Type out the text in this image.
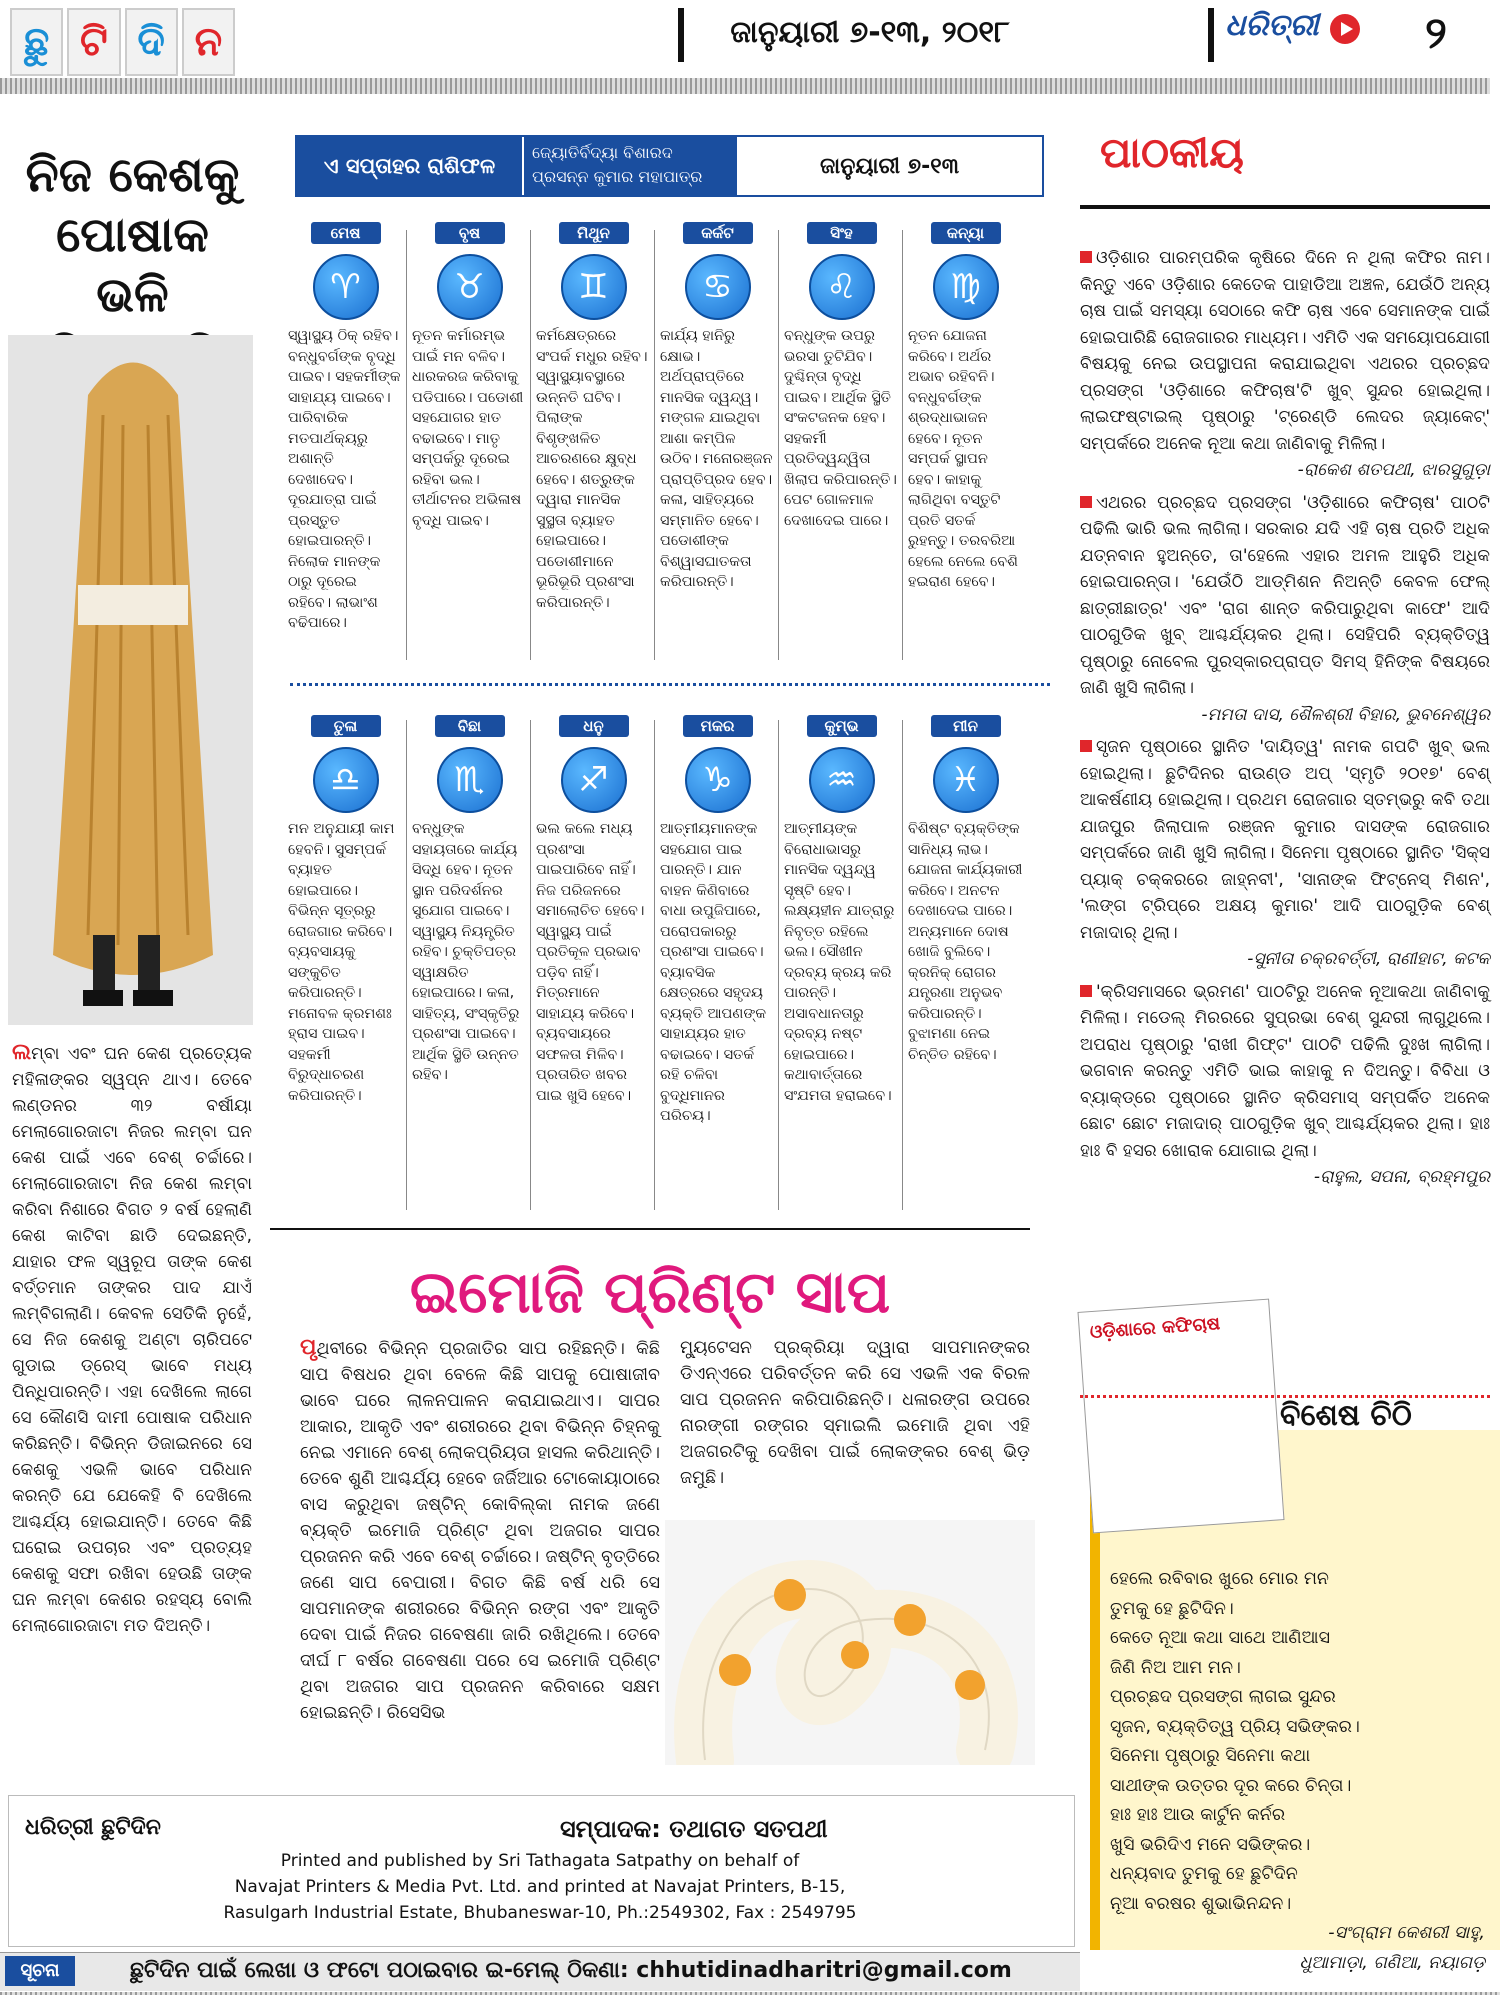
ଛୁ ଟି ଦି ନ	ଜାନୁୟାରୀ ୭-୧୩, ୨୦୧୮	ଧରିତ୍ରୀ	୨
ନିଜ କେଶକୁ ପୋଷାକ ଭଳି
ଲମ୍ବା ଏବଂ ଘନ କେଶ ପ୍ରତ୍ୟେକ ମହିଳାଙ୍କର ସ୍ୱପ୍ନ ଥାଏ। ତେବେ ଲଣ୍ଡନର ୩୨ ବର୍ଷୀୟା ମେଲାଗୋରଜାଟା ନିଜର ଲମ୍ବା ଘନ କେଶ ପାଇଁ ଏବେ ବେଶ୍ ଚର୍ଚ୍ଚାରେ। ମେଲାଗୋରଜାଟା ନିଜ କେଶ ଲମ୍ବା କରିବା ନିଶାରେ ବିଗତ ୨ ବର୍ଷ ହେଲାଣି କେଶ କାଟିବା ଛାଡି ଦେଇଛନ୍ତି, ଯାହାର ଫଳ ସ୍ୱରୂପ ତାଙ୍କ କେଶ ବର୍ତ୍ତମାନ ତାଙ୍କର ପାଦ ଯାଏଁ ଲମ୍ବିଗଲାଣି। କେବଳ ସେତିକି ନୁହେଁ, ସେ ନିଜ କେଶକୁ ଅଣ୍ଟା ଚାରିପଟେ ଗୁଡାଇ ଡ୍ରେସ୍ ଭାବେ ମଧ୍ୟ ପିନ୍ଧିପାରନ୍ତି। ଏହା ଦେଖିଲେ ଲାଗେ ସେ କୌଣସି ଦାମୀ ପୋଷାକ ପରିଧାନ କରିଛନ୍ତି। ବିଭିନ୍ନ ଡିଜାଇନରେ ସେ କେଶକୁ ଏଭଳି ଭାବେ ପରିଧାନ କରନ୍ତି ଯେ ଯେକେହି ବି ଦେଖିଲେ ଆଶ୍ଚର୍ଯ୍ୟ ହୋଇଯାନ୍ତି। ତେବେ କିଛି ଘରୋଇ ଉପଚାର ଏବଂ ପ୍ରତ୍ୟହ କେଶକୁ ସଫା ରଖିବା ହେଉଛି ତାଙ୍କ ଘନ ଲମ୍ବା କେଶର ରହସ୍ୟ ବୋଲି ମେଲାଗୋରଜାଟା ମତ ଦିଅନ୍ତି।
ଏ ସପ୍ତାହର ରାଶିଫଳ
ଜ୍ୟୋତିର୍ବିଦ୍ୟା ବିଶାରଦ
ପ୍ରସନ୍ନ କୁମାର ମହାପାତ୍ର	ଜାନୁୟାରୀ ୭-୧୩
ମେଷ
♈
ସ୍ୱାସ୍ଥ୍ୟ ଠିକ୍ ରହିବ। ବନ୍ଧୁବର୍ଗଙ୍କ ବୃଦ୍ଧି ପାଇବ। ସହକର୍ମୀଙ୍କ ସାହାଯ୍ୟ ପାଇବେ। ପାରିବାରିକ ମତପାର୍ଥକ୍ୟରୁ ଅଶାନ୍ତି ଦେଖାଦେବ। ଦୂରଯାତ୍ରା ପାଇଁ ପ୍ରସ୍ତୁତ ହୋଇପାରନ୍ତି। ନିଲୋକ ମାନଙ୍କ ଠାରୁ ଦୂରେଇ ରହିବେ। ଲାଭାଂଶ ବଢିପାରେ।
ବୃଷ
♉
ନୂତନ କର୍ମାରମ୍ଭ ପାଇଁ ମନ ବଳିବ। ଧାରକରଜ କରିବାକୁ ପଡିପାରେ। ପଡୋଶୀ ସହଯୋଗର ହାତ ବଢାଇବେ। ମାତୃ ସମ୍ପର୍କରୁ ଦୂରେଇ ରହିବା ଭଲ। ତୀର୍ଥାଟନର ଅଭିଳାଷ ବୃଦ୍ଧି ପାଇବ।
ମିଥୁନ
♊
କର୍ମକ୍ଷେତ୍ରରେ ସଂପର୍କ ମଧୁର ରହିବ। ସ୍ୱାସ୍ଥ୍ୟାବସ୍ଥାରେ ଉନ୍ନତି ଘଟିବ। ପିଲାଙ୍କ ବିଶୃଙ୍ଖଳିତ ଆଚରଣରେ କ୍ଷୁବ୍ଧ ହେବେ। ଶତ୍ରୁଙ୍କ ଦ୍ୱାରା ମାନସିକ ସୁସ୍ଥତା ବ୍ୟାହତ ହୋଇପାରେ। ପଡୋଶୀମାନେ ଭୂରିଭୂରି ପ୍ରଶଂସା କରିପାରନ୍ତି।
କର୍କଟ
♋
କାର୍ଯ୍ୟ ହାନିରୁ କ୍ଷୋଭ। ଅର୍ଥପ୍ରାପ୍ତିରେ ମାନସିକ ଦ୍ୱନ୍ଦ୍ୱ। ମଙ୍ଗଳ ଯାଇଥିବା ଆଶା କମ୍ପିଳ ଉଠିବ। ମନୋରଞ୍ଜନ ପ୍ରାପ୍ତିପ୍ରଦ ହେବ। କଳା, ସାହିତ୍ୟରେ ସମ୍ମାନିତ ହେବେ। ପଡୋଶୀଙ୍କ ବିଶ୍ୱାସଘାତକତା କରିପାରନ୍ତି।
ସିଂହ
♌
ବନ୍ଧୁଙ୍କ ଉପରୁ ଭରସା ତୁଟିଯିବ। ଦୁଶ୍ଚିନ୍ତା ବୃଦ୍ଧି ପାଇବ। ଆର୍ଥିକ ସ୍ଥିତି ସଂକଟଜନକ ହେବ। ସହକର୍ମୀ ପ୍ରତିଦ୍ୱନ୍ଦ୍ୱିତା ଖିଲାପ କରିପାରନ୍ତି। ପେଟ ଗୋଳମାଳ ଦେଖାଦେଇ ପାରେ।
କନ୍ୟା
♍
ନୂତନ ଯୋଜନା କରିବେ। ଅର୍ଥର ଅଭାବ ରହିବନି। ବନ୍ଧୁବର୍ଗଙ୍କ ଶ୍ରଦ୍ଧାଭାଜନ ହେବେ। ନୂତନ ସମ୍ପର୍କ ସ୍ଥାପନ ହେବ। କାହାକୁ ଲାଗିଥିବା ବସ୍ତୁଟି ପ୍ରତି ସତର୍କ ରୁହନ୍ତୁ। ତରବରିଆ ହେଲେ ନେଲେ ବେଶି ହଇରାଣ ହେବେ।
ତୁଳା
♎
ମନ ଅନୁଯାୟୀ କାମ ହେବନି। ସୁସମ୍ପର୍କ ବ୍ୟାହତ ହୋଇପାରେ। ବିଭିନ୍ନ ସୂତ୍ରରୁ ରୋଜଗାର କରିବେ। ବ୍ୟବସାୟକୁ ସଙ୍କୁଚିତ କରିପାରନ୍ତି। ମନୋବଳ କ୍ରମଶଃ ହ୍ରାସ ପାଇବ। ସହକର୍ମୀ ବିରୁଦ୍ଧାଚରଣ କରିପାରନ୍ତି।
ବିଛା
♏
ବନ୍ଧୁଙ୍କ ସହାୟତାରେ କାର୍ଯ୍ୟ ସିଦ୍ଧି ହେବ। ନୂତନ ସ୍ଥାନ ପରିଦର୍ଶନର ସୁଯୋଗ ପାଇବେ। ସ୍ୱାସ୍ଥ୍ୟ ନିୟନ୍ତ୍ରିତ ରହିବ। ଚୁକ୍ତିପତ୍ର ସ୍ୱାକ୍ଷରିତ ହୋଇପାରେ। କଳା, ସାହିତ୍ୟ, ସଂସ୍କୃତିରୁ ପ୍ରଶଂସା ପାଇବେ। ଆର୍ଥିକ ସ୍ଥିତି ଉନ୍ନତ ରହିବ।
ଧନୁ
♐
ଭଲ କଲେ ମଧ୍ୟ ପ୍ରଶଂସା ପାଇପାରିବେ ନାହିଁ। ନିଜ ପରିଜନରେ ସମାଲୋଚିତ ହେବେ। ସ୍ୱାସ୍ଥ୍ୟ ପାଇଁ ପ୍ରତିକୂଳ ପ୍ରଭାବ ପଡ଼ିବ ନାହିଁ। ମିତ୍ରମାନେ ସାହାଯ୍ୟ କରିବେ। ବ୍ୟବସାୟରେ ସଫଳତା ମିଳିବ। ପ୍ରତାରିତ ଖବର ପାଇ ଖୁସି ହେବେ।
ମକର
♑
ଆତ୍ମୀୟମାନଙ୍କ ସହଯୋଗ ପାଇ ପାରନ୍ତି। ଯାନ ବାହନ କିଣିବାରେ ବାଧା ଉପୁଜିପାରେ, ପରୋପକାରରୁ ପ୍ରଶଂସା ପାଇବେ। ବ୍ୟାବସିକ କ୍ଷେତ୍ରରେ ସହୃଦୟ ବ୍ୟକ୍ତି ଆପଣଙ୍କ ସାହାଯ୍ୟର ହାତ ବଢାଇବେ। ସତର୍କ ରହି ଚଳିବା ବୁଦ୍ଧିମାନର ପରିଚୟ।
କୁମ୍ଭ
♒
ଆତ୍ମୀୟଙ୍କ ବିରୋଧାଭାସରୁ ମାନସିକ ଦ୍ୱନ୍ଦ୍ୱ ସୃଷ୍ଟି ହେବ। ଲକ୍ଷ୍ୟହୀନ ଯାତ୍ରାରୁ ନିବୃତ୍ତ ରହିଲେ ଭଲ। ସୌଖୀନ ଦ୍ରବ୍ୟ କ୍ରୟ କରି ପାରନ୍ତି। ଅସାବଧାନତାରୁ ଦ୍ରବ୍ୟ ନଷ୍ଟ ହୋଇପାରେ। କଥାବାର୍ତ୍ତାରେ ସଂଯମତା ହରାଇବେ।
ମୀନ
♓
ବିଶିଷ୍ଟ ବ୍ୟକ୍ତିଙ୍କ ସାନିଧ୍ୟ ଲାଭ। ଯୋଜନା କାର୍ଯ୍ୟକାରୀ କରିବେ। ଅନଟନ ଦେଖାଦେଇ ପାରେ। ଅନ୍ୟମାନେ ଦୋଷ ଖୋଜି ବୁଲିବେ। କ୍ରନିକ୍ ରୋଗର ଯନ୍ତ୍ରଣା ଅନୁଭବ କରିପାରନ୍ତି। ବୁଝାମଣା ନେଇ ଚିନ୍ତିତ ରହିବେ।
ଇମୋଜି ପ୍ରିଣ୍ଟ ସାପ
ପୃଥିବୀରେ ବିଭିନ୍ନ ପ୍ରଜାତିର ସାପ ରହିଛନ୍ତି। କିଛି ସାପ ବିଷଧର ଥିବା ବେଳେ କିଛି ସାପକୁ ପୋଷାଜୀବ ଭାବେ ଘରେ ଲାଳନପାଳନ କରାଯାଇଥାଏ। ସାପର ଆକାର, ଆକୃତି ଏବଂ ଶରୀରରେ ଥିବା ବିଭିନ୍ନ ଚିହ୍ନକୁ ନେଇ ଏମାନେ ବେଶ୍ ଲୋକପ୍ରିୟତା ହାସଲ କରିଥାନ୍ତି। ତେବେ ଶୁଣି ଆଶ୍ଚର୍ଯ୍ୟ ହେବେ ଜର୍ଜିଆର ଟୋକୋୟାଠାରେ ବାସ କରୁଥିବା ଜଷ୍ଟିନ୍ କୋବିଲ୍କା ନାମକ ଜଣେ ବ୍ୟକ୍ତି ଇମୋଜି ପ୍ରିଣ୍ଟ ଥିବା ଅଜଗର ସାପର ପ୍ରଜନନ କରି ଏବେ ବେଶ୍ ଚର୍ଚ୍ଚାରେ। ଜଷ୍ଟିନ୍ ବୃତ୍ତିରେ ଜଣେ ସାପ ବେପାରୀ। ବିଗତ କିଛି ବର୍ଷ ଧରି ସେ ସାପମାନଙ୍କ ଶରୀରରେ ବିଭିନ୍ନ ରଙ୍ଗ ଏବଂ ଆକୃତି ଦେବା ପାଇଁ ନିଜର ଗବେଷଣା ଜାରି ରଖିଥିଲେ। ତେବେ ଦୀର୍ଘ ୮ ବର୍ଷର ଗବେଷଣା ପରେ ସେ ଇମୋଜି ପ୍ରିଣ୍ଟ ଥିବା ଅଜଗର ସାପ ପ୍ରଜନନ କରିବାରେ ସକ୍ଷମ ହୋଇଛନ୍ତି। ରିସେସିଭ
ମ୍ୟୁଟେସନ ପ୍ରକ୍ରିୟା ଦ୍ୱାରା ସାପମାନଙ୍କର ଡିଏନ୍ଏରେ ପରିବର୍ତ୍ତନ କରି ସେ ଏଭଳି ଏକ ବିରଳ ସାପ ପ୍ରଜନନ କରିପାରିଛନ୍ତି। ଧଳାରଙ୍ଗ ଉପରେ ନାରଙ୍ଗୀ ରଙ୍ଗର ସ୍ମାଇଲି ଇମୋଜି ଥିବା ଏହି ଅଜଗରଟିକୁ ଦେଖିବା ପାଇଁ ଲୋକଙ୍କର ବେଶ୍ ଭିଡ଼ ଜମୁଛି।
ପାଠକୀୟ
ଓଡ଼ିଶାର ପାରମ୍ପରିକ କୃଷିରେ ଦିନେ ନ ଥିଲା କଫିର ନାମ। କିନ୍ତୁ ଏବେ ଓଡ଼ିଶାର କେତେକ ପାହାଡିଆ ଅଞ୍ଚଳ, ଯେଉଁଠି ଅନ୍ୟ ଚାଷ ପାଇଁ ସମସ୍ୟା ସେଠାରେ କଫି ଚାଷ ଏବେ ସେମାନଙ୍କ ପାଇଁ ହୋଇପାରିଛି ରୋଜଗାରର ମାଧ୍ୟମ। ଏମିତି ଏକ ସମୟୋପଯୋଗୀ ବିଷୟକୁ ନେଇ ଉପସ୍ଥାପନା କରାଯାଇଥିବା ଏଥରର ପ୍ରଚ୍ଛଦ ପ୍ରସଙ୍ଗ 'ଓଡ଼ିଶାରେ କଫିଚାଷ'ଟି ଖୁବ୍ ସୁନ୍ଦର ହୋଇଥିଲା। ଲାଇଫଷ୍ଟାଇଲ୍ ପୃଷ୍ଠାରୁ 'ଟ୍ରେଣ୍ଡି ଲେଦର ଜ୍ୟାକେଟ୍' ସମ୍ପର୍କରେ ଅନେକ ନୂଆ କଥା ଜାଣିବାକୁ ମିଳିଲା।
-ରାକେଶ ଶତପଥୀ, ଝାରସୁଗୁଡ଼ା
ଏଥରର ପ୍ରଚ୍ଛଦ ପ୍ରସଙ୍ଗ 'ଓଡ଼ିଶାରେ କଫିଚାଷ' ପାଠଟି ପଢିଲି ଭାରି ଭଲ ଲାଗିଲା। ସରକାର ଯଦି ଏହି ଚାଷ ପ୍ରତି ଅଧିକ ଯତ୍ନବାନ ହୁଅନ୍ତେ, ତା'ହେଲେ ଏହାର ଅମଳ ଆହୁରି ଅଧିକ ହୋଇପାରନ୍ତା। 'ଯେଉଁଠି ଆଡ୍ମିଶନ ନିଅନ୍ତି କେବଳ ଫେଲ୍ ଛାତ୍ରୀଛାତ୍ର' ଏବଂ 'ରାଗ ଶାନ୍ତ କରିପାରୁଥିବା କାଫେ' ଆଦି ପାଠଗୁଡିକ ଖୁବ୍ ଆଶ୍ଚର୍ଯ୍ୟକର ଥିଲା। ସେହିପରି ବ୍ୟକ୍ତିତ୍ୱ ପୃଷ୍ଠାରୁ ନୋବେଲ ପୁରସ୍କାରପ୍ରାପ୍ତ ସିମସ୍ ହିନିଙ୍କ ବିଷୟରେ ଜାଣି ଖୁସି ଲାଗିଲା।
-ମମତା ଦାସ, ଶୈଳଶ୍ରୀ ବିହାର, ଭୁବନେଶ୍ୱର
ସୃଜନ ପୃଷ୍ଠାରେ ସ୍ଥାନିତ 'ଦାୟିତ୍ୱ' ନାମକ ଗପଟି ଖୁବ୍ ଭଲ ହୋଇଥିଲା। ଛୁଟିଦିନର ରାଉଣ୍ଡ ଅପ୍ 'ସ୍ମୃତି ୨୦୧୭' ବେଶ୍ ଆକର୍ଷଣୀୟ ହୋଇଥିଲା। ପ୍ରଥମ ରୋଜଗାର ସ୍ତମ୍ଭରୁ କବି ତଥା ଯାଜପୁର ଜିଲାପାଳ ରଞ୍ଜନ କୁମାର ଦାସଙ୍କ ରୋଜଗାର ସମ୍ପର୍କରେ ଜାଣି ଖୁସି ଲାଗିଲା। ସିନେମା ପୃଷ୍ଠାରେ ସ୍ଥାନିତ 'ସିକ୍ସ ପ୍ୟାକ୍ ଚକ୍କରରେ ଜାହ୍ନବୀ', 'ସାନାଙ୍କ ଫିଟ୍ନେସ୍ ମିଶନ', 'ଲଙ୍ଗ ଟ୍ରିପ୍‌ରେ ଅକ୍ଷୟ କୁମାର' ଆଦି ପାଠଗୁଡ଼ିକ ବେଶ୍ ମଜାଦାର୍ ଥିଲା।
-ସୁନୀତା ଚକ୍ରବର୍ତ୍ତୀ, ରାଣୀହାଟ, କଟକ
'କ୍ରିସମାସରେ ଭ୍ରମଣ' ପାଠଟିରୁ ଅନେକ ନୂଆକଥା ଜାଣିବାକୁ ମିଳିଲା। ମଡେଲ୍ ମିରରରେ ସୁପ୍ରଭା ବେଶ୍ ସୁନ୍ଦରୀ ଲାଗୁଥିଲେ। ଅପରାଧ ପୃଷ୍ଠାରୁ 'ରାଖୀ ଗିଫ୍ଟ' ପାଠଟି ପଢିଲି ଦୁଃଖ ଲାଗିଲା। ଭଗବାନ କରନ୍ତୁ ଏମିତି ଭାଇ କାହାକୁ ନ ଦିଅନ୍ତୁ। ବିବିଧା ଓ ବ୍ୟାକ୍‌ଡ୍ରେ ପୃଷ୍ଠାରେ ସ୍ଥାନିତ କ୍ରିସମାସ୍ ସମ୍ପର୍କିତ ଅନେକ ଛୋଟ ଛୋଟ ମଜାଦାର୍ ପାଠଗୁଡ଼ିକ ଖୁବ୍ ଆଶ୍ଚର୍ଯ୍ୟକର ଥିଲା। ହାଃ ହାଃ ବି ହସର ଖୋରାକ ଯୋଗାଇ ଥିଲା।
-ରାହୁଲ, ସପନା, ବ୍ରହ୍ମପୁର
ଓଡ଼ିଶାରେ କଫିଚାଷ
ବିଶେଷ ଚିଠି
ହେଲେ ରବିବାର ଖୁରେ ମୋର ମନ
ତୁମକୁ ହେ ଛୁଟିଦିନ।
କେତେ ନୂଆ କଥା ସାଥେ ଆଣିଆସ
ଜିଣି ନିଅ ଆମ ମନ।
ପ୍ରଚ୍ଛଦ ପ୍ରସଙ୍ଗ ଲାଗଇ ସୁନ୍ଦର
ସୃଜନ, ବ୍ୟକ୍ତିତ୍ୱ ପ୍ରିୟ ସଭିଙ୍କର।
ସିନେମା ପୃଷ୍ଠାରୁ ସିନେମା କଥା
ସାଥୀଙ୍କ ଉତ୍ତର ଦୂର କରେ ଚିନ୍ତା।
ହାଃ ହାଃ ଆଉ କାର୍ଟୁନ କର୍ନର
ଖୁସି ଭରିଦିଏ ମନେ ସଭିଙ୍କର।
ଧନ୍ୟବାଦ ତୁମକୁ ହେ ଛୁଟିଦିନ
ନୂଆ ବରଷର ଶୁଭାଭିନନ୍ଦନ।
-ସଂଗ୍ରାମ କେଶରୀ ସାହୁ,
ଧୁଆମାଡ଼ା, ଗଣିଆ, ନୟାଗଡ଼
ଧରିତ୍ରୀ ଛୁଟିଦିନ	ସମ୍ପାଦକ: ତଥାଗତ ସତପଥୀ
Printed and published by Sri Tathagata Satpathy on behalf of
Navajat Printers & Media Pvt. Ltd. and printed at Navajat Printers, B-15,
Rasulgarh Industrial Estate, Bhubaneswar-10, Ph.:2549302, Fax : 2549795
ସୂଚନା	ଛୁଟିଦିନ ପାଇଁ ଲେଖା ଓ ଫଟୋ ପଠାଇବାର ଇ-ମେଲ୍ ଠିକଣା: chhutidinadharitri@gmail.com
